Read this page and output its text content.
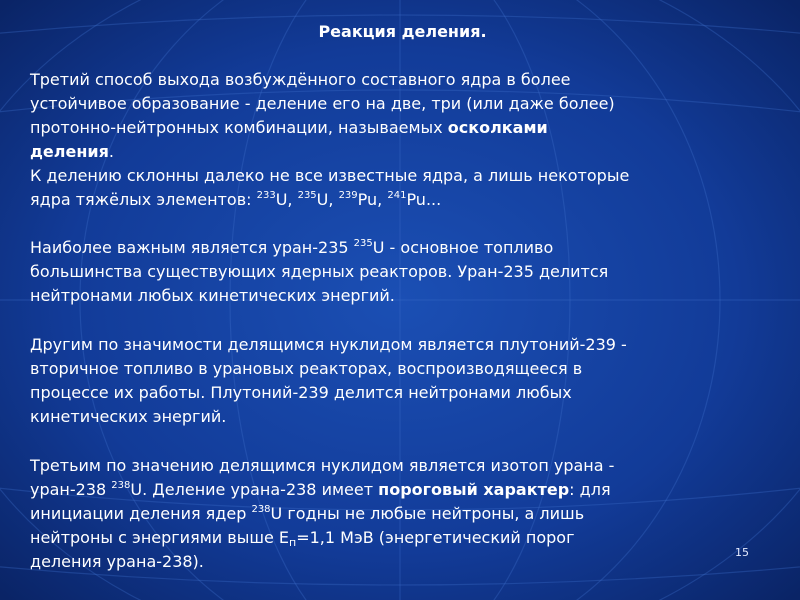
Реакция деления.
Третий способ выхода возбуждённого составного ядра в более
устойчивое образование - деление его на две, три (или даже более)
протонно-нейтронных комбинации, называемых осколками
деления.
К делению склонны далеко не все известные ядра, а лишь некоторые
ядра тяжёлых элементов: $^{233}$U, $^{235}$U, $^{239}$Pu, $^{241}$Pu...
Наиболее важным является уран-235 $^{235}$U - основное топливо
большинства существующих ядерных реакторов. Уран-235 делится
нейтронами любых кинетических энергий.
Другим по значимости делящимся нуклидом является плутоний-239 -
вторичное топливо в урановых реакторах, воспроизводящееся в
процессе их работы. Плутоний-239 делится нейтронами любых
кинетических энергий.
Третьим по значению делящимся нуклидом является изотоп урана -
уран-238 $^{238}$U. Деление урана-238 имеет пороговый характер: для
инициации деления ядер $^{238}$U годны не любые нейтроны, а лишь
нейтроны с энергиями выше $E_п=1,1$ МэВ (энергетический порог
деления урана-238).	15
